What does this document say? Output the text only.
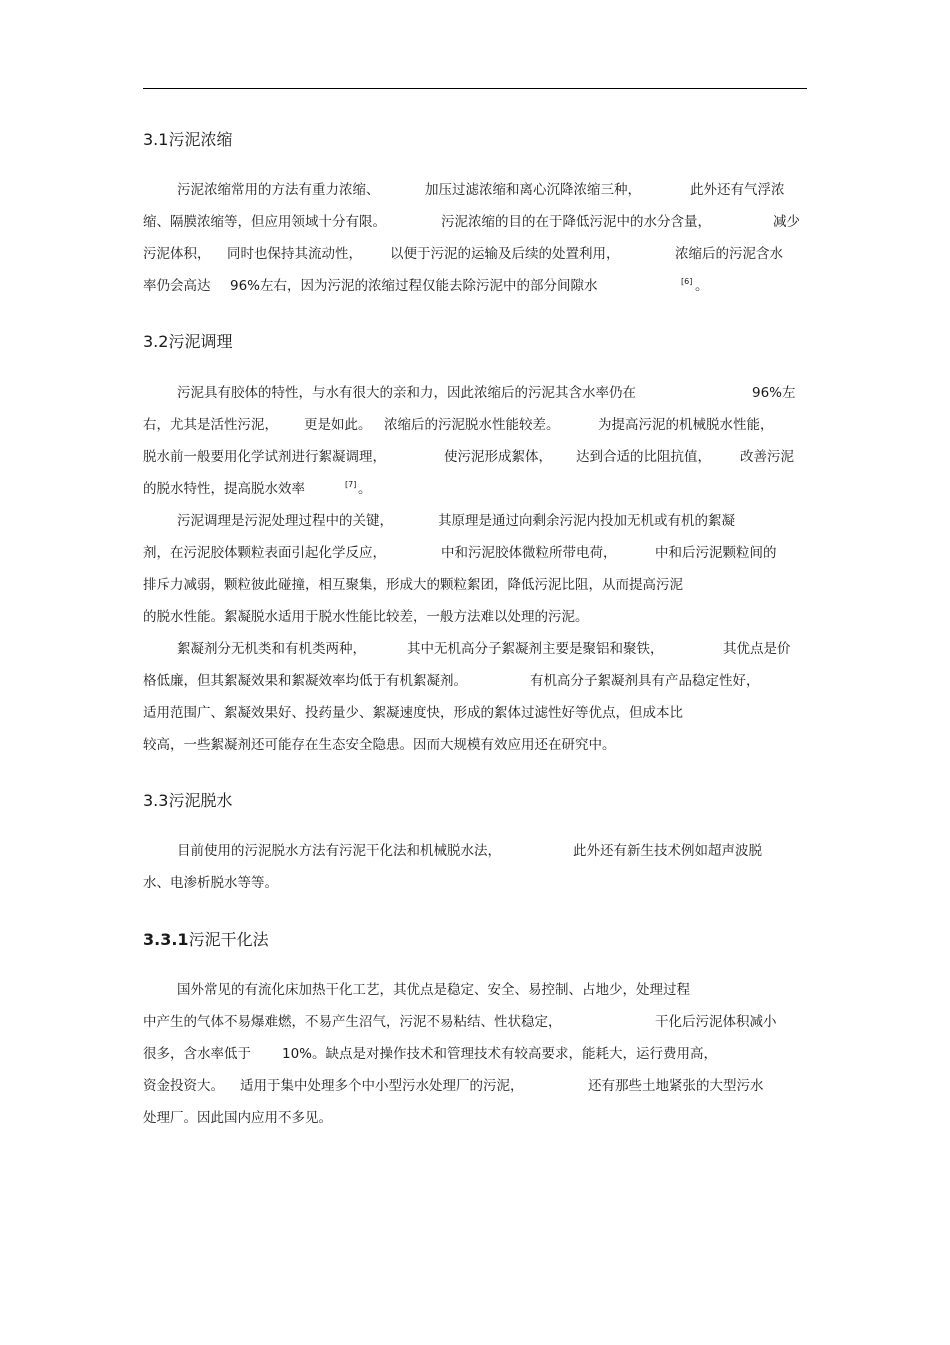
3.1污泥浓缩
污泥浓缩常用的方法有重力浓缩、	加压过滤浓缩和离心沉降浓缩三种，	此外还有气浮浓
缩、隔膜浓缩等，但应用领域十分有限。	污泥浓缩的目的在于降低污泥中的水分含量，	减少
污泥体积， 同时也保持其流动性， 以便于污泥的运输及后续的处置利用，	浓缩后的污泥含水
率仍会高达 96%左右，因为污泥的浓缩过程仅能去除污泥中的部分间隙水	[6] 。
3.2污泥调理
污泥具有胶体的特性，与水有很大的亲和力，因此浓缩后的污泥其含水率仍在	96%左
右，尤其是活性污泥， 更是如此。 浓缩后的污泥脱水性能较差。	为提高污泥的机械脱水性能，
脱水前一般要用化学试剂进行絮凝调理，	使污泥形成絮体， 达到合适的比阻抗值， 改善污泥
的脱水特性，提高脱水效率	[7] 。
污泥调理是污泥处理过程中的关键，	其原理是通过向剩余污泥内投加无机或有机的絮凝
剂，在污泥胶体颗粒表面引起化学反应，	中和污泥胶体微粒所带电荷，	中和后污泥颗粒间的
排斥力减弱，颗粒彼此碰撞，相互聚集，形成大的颗粒絮团，降低污泥比阻，从而提高污泥
的脱水性能。絮凝脱水适用于脱水性能比较差，一般方法难以处理的污泥。
絮凝剂分无机类和有机类两种，	其中无机高分子絮凝剂主要是聚铝和聚铁，	其优点是价
格低廉，但其絮凝效果和絮凝效率均低于有机絮凝剂。	有机高分子絮凝剂具有产品稳定性好，
适用范围广、絮凝效果好、投药量少、絮凝速度快，形成的絮体过滤性好等优点，但成本比
较高，一些絮凝剂还可能存在生态安全隐患。因而大规模有效应用还在研究中。
3.3污泥脱水
目前使用的污泥脱水方法有污泥干化法和机械脱水法，	此外还有新生技术例如超声波脱
水、电渗析脱水等等。
3.3.1污泥干化法
国外常见的有流化床加热干化工艺，其优点是稳定、安全、易控制、占地少，处理过程
中产生的气体不易爆难燃，不易产生沼气，污泥不易粘结、性状稳定，	干化后污泥体积减小
很多，含水率低于 10%。缺点是对操作技术和管理技术有较高要求，能耗大，运行费用高，
资金投资大。 适用于集中处理多个中小型污水处理厂的污泥，	还有那些土地紧张的大型污水
处理厂。因此国内应用不多见。
